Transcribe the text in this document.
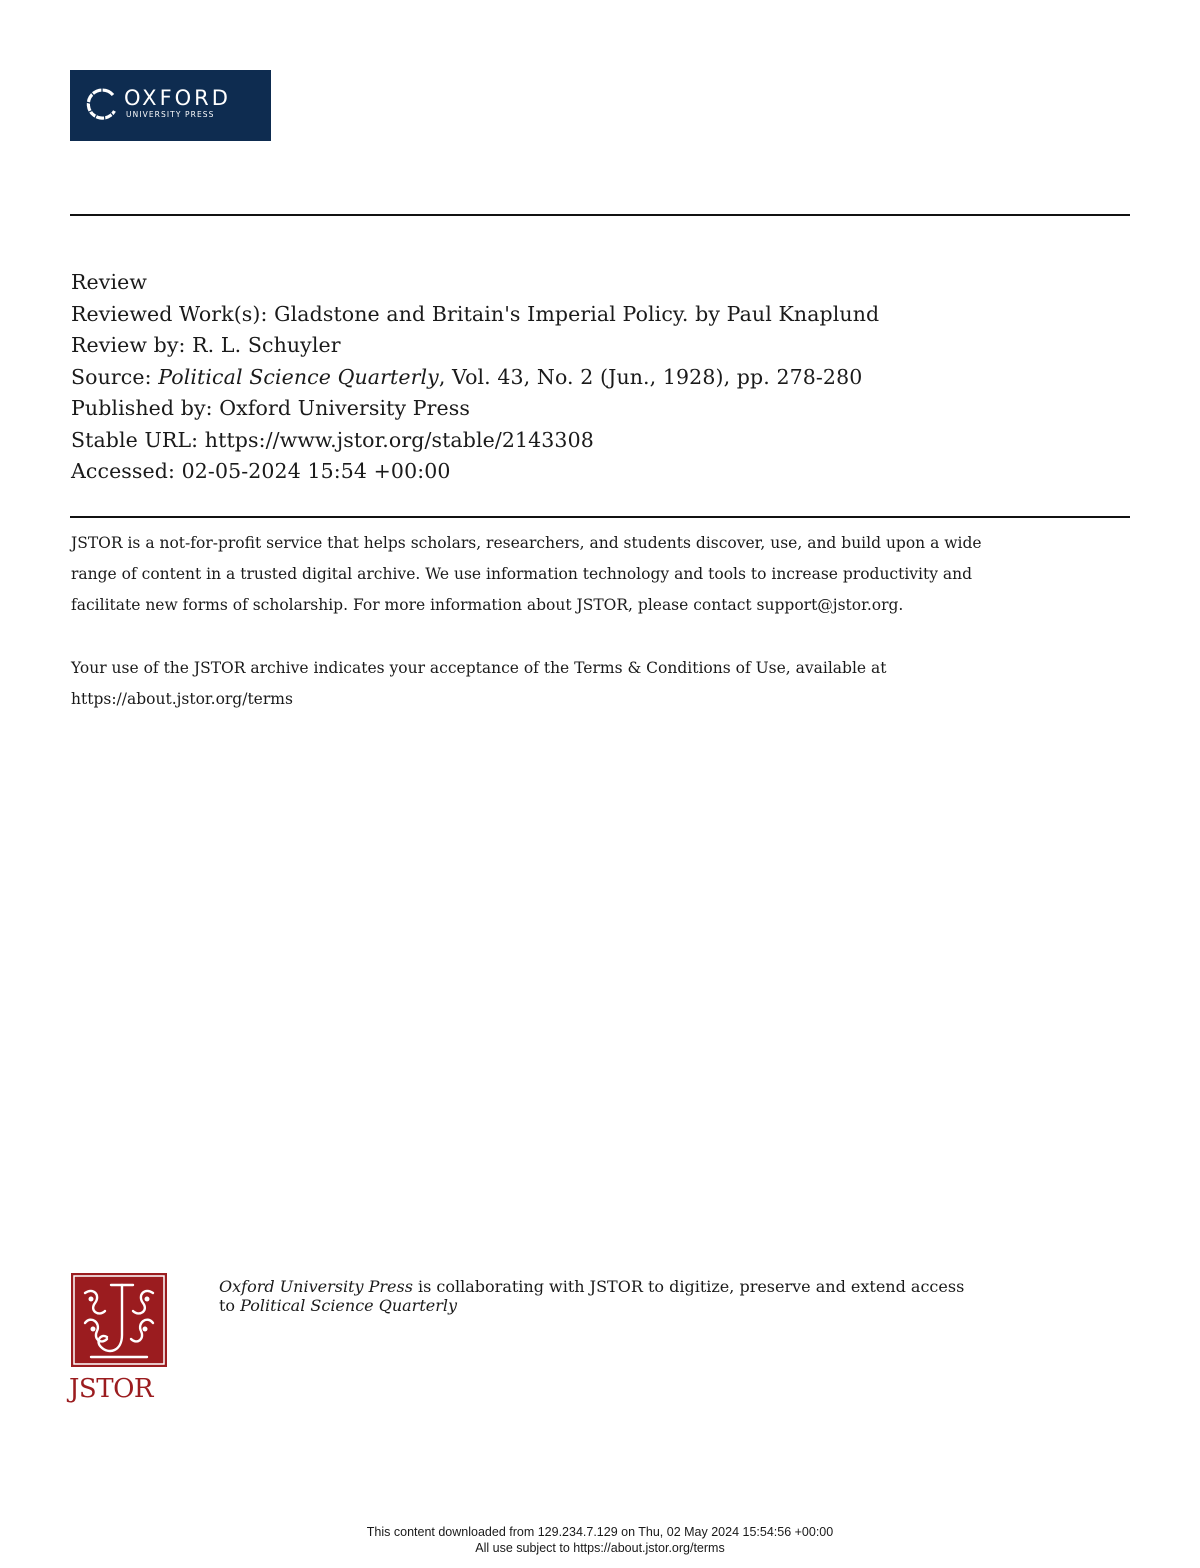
OXFORD
UNIVERSITY PRESS
Review
Reviewed Work(s): Gladstone and Britain's Imperial Policy. by Paul Knaplund
Review by: R. L. Schuyler
Source: Political Science Quarterly, Vol. 43, No. 2 (Jun., 1928), pp. 278-280
Published by: Oxford University Press
Stable URL: https://www.jstor.org/stable/2143308
Accessed: 02-05-2024 15:54 +00:00
JSTOR is a not-for-profit service that helps scholars, researchers, and students discover, use, and build upon a wide
range of content in a trusted digital archive. We use information technology and tools to increase productivity and
facilitate new forms of scholarship. For more information about JSTOR, please contact support@jstor.org.
Your use of the JSTOR archive indicates your acceptance of the Terms & Conditions of Use, available at
https://about.jstor.org/terms
JSTOR
Oxford University Press is collaborating with JSTOR to digitize, preserve and extend access
to Political Science Quarterly
This content downloaded from 129.234.7.129 on Thu, 02 May 2024 15:54:56 +00:00
All use subject to https://about.jstor.org/terms
